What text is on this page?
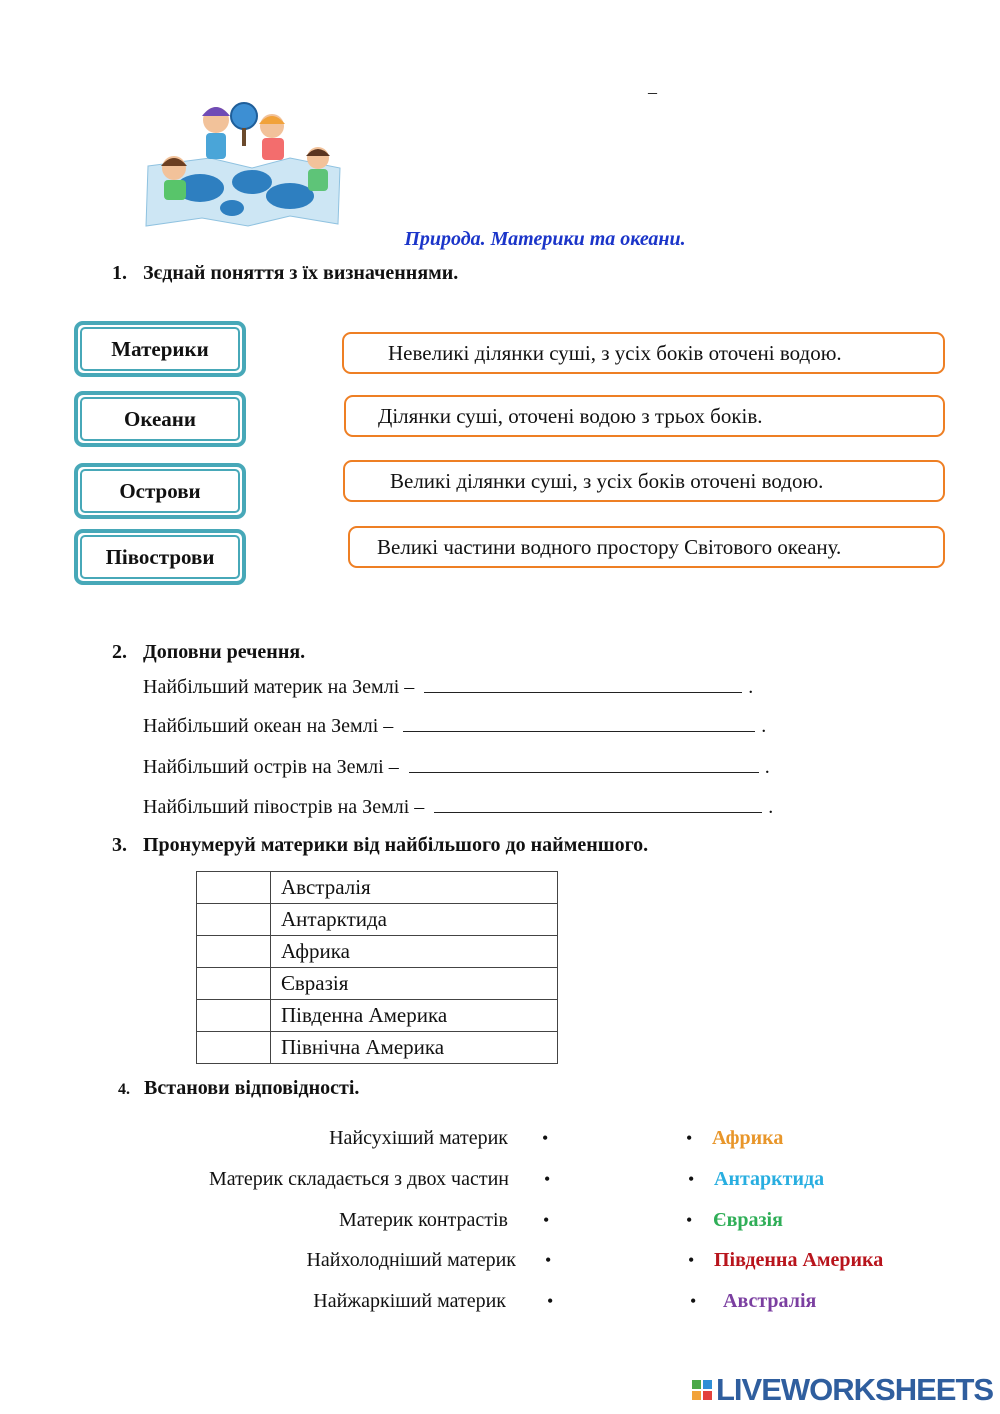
–
Природа. Материки та океани.
1. Зєднай поняття з їх визначеннями.
Материки
Океани
Острови
Півострови
Невеликі ділянки суші, з усіх боків оточені водою.
Ділянки суші, оточені водою з трьох боків.
Великі ділянки суші, з усіх боків оточені водою.
Великі частини водного простору Світового океану.
2. Доповни речення.
Найбільший материк на Землі –	.
Найбільший океан на Землі –	.
Найбільший острів на Землі –	.
Найбільший півострів на Землі –	.
3. Пронумеруй материки від найбільшого до найменшого.
	Австралія
	Антарктида
	Африка
	Євразія
	Південна Америка
	Північна Америка
4. Встанови відповідності.
Найсухіший материк
Материк складається з двох частин
Материк контрастів
Найхолодніший материк
Найжаркіший материк
•
•
•
•
•
•
•
•
•
•
Африка
Антарктида
Євразія
Південна Америка
Австралія
LIVEWORKSHEETS
